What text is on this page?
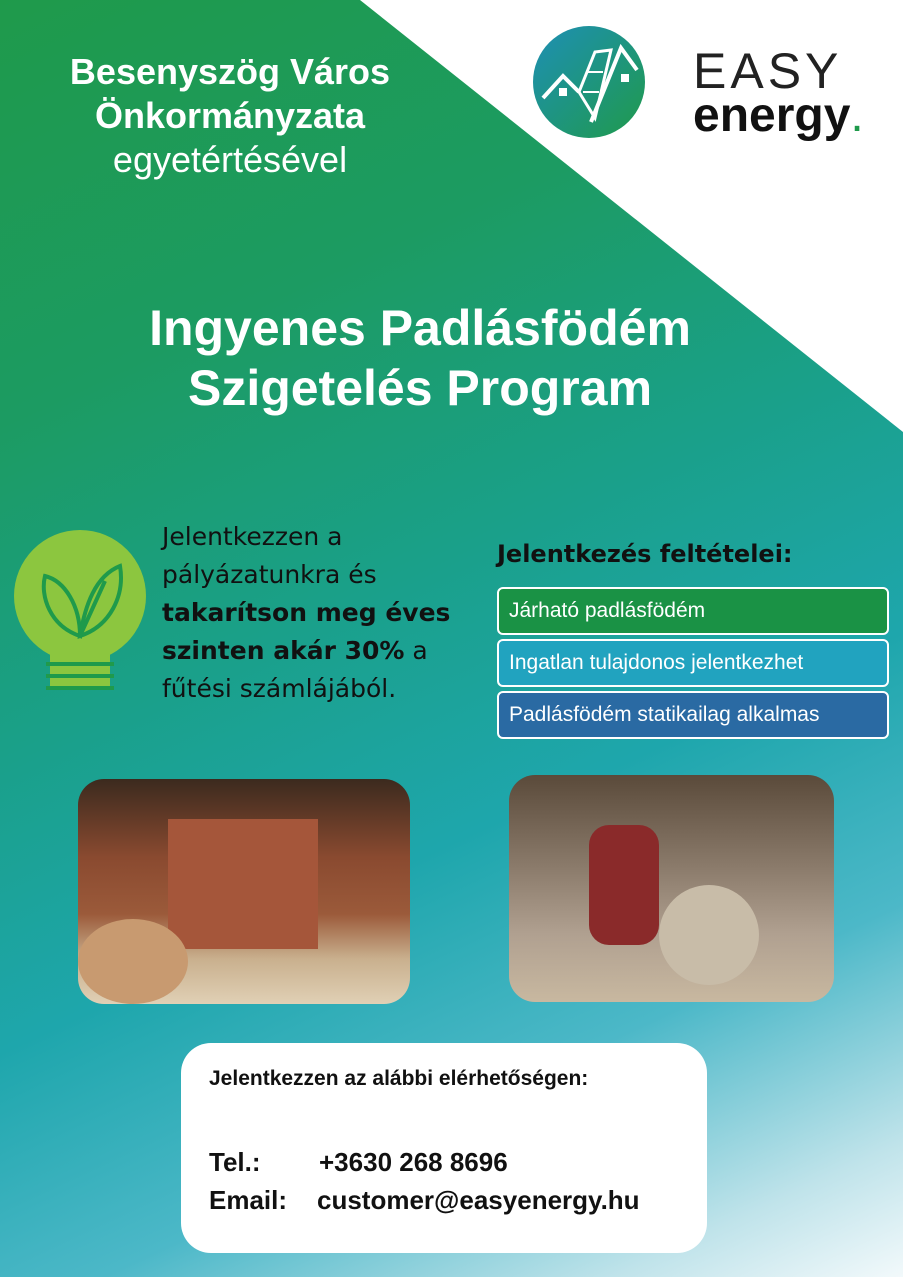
Besenyszög Város
Önkormányzata
egyetértésével
EASY
energy.
Ingyenes Padlásfödém
Szigetelés Program
Jelentkezzen a pályázatunkra és takarítson meg éves szinten akár 30% a fűtési számlájából.
Jelentkezés feltételei:
Járható padlásfödém
Ingatlan tulajdonos jelentkezhet
Padlásfödém statikailag alkalmas
Jelentkezzen az alábbi elérhetőségen:
Tel.: +3630 268 8696
Email: customer@easyenergy.hu
